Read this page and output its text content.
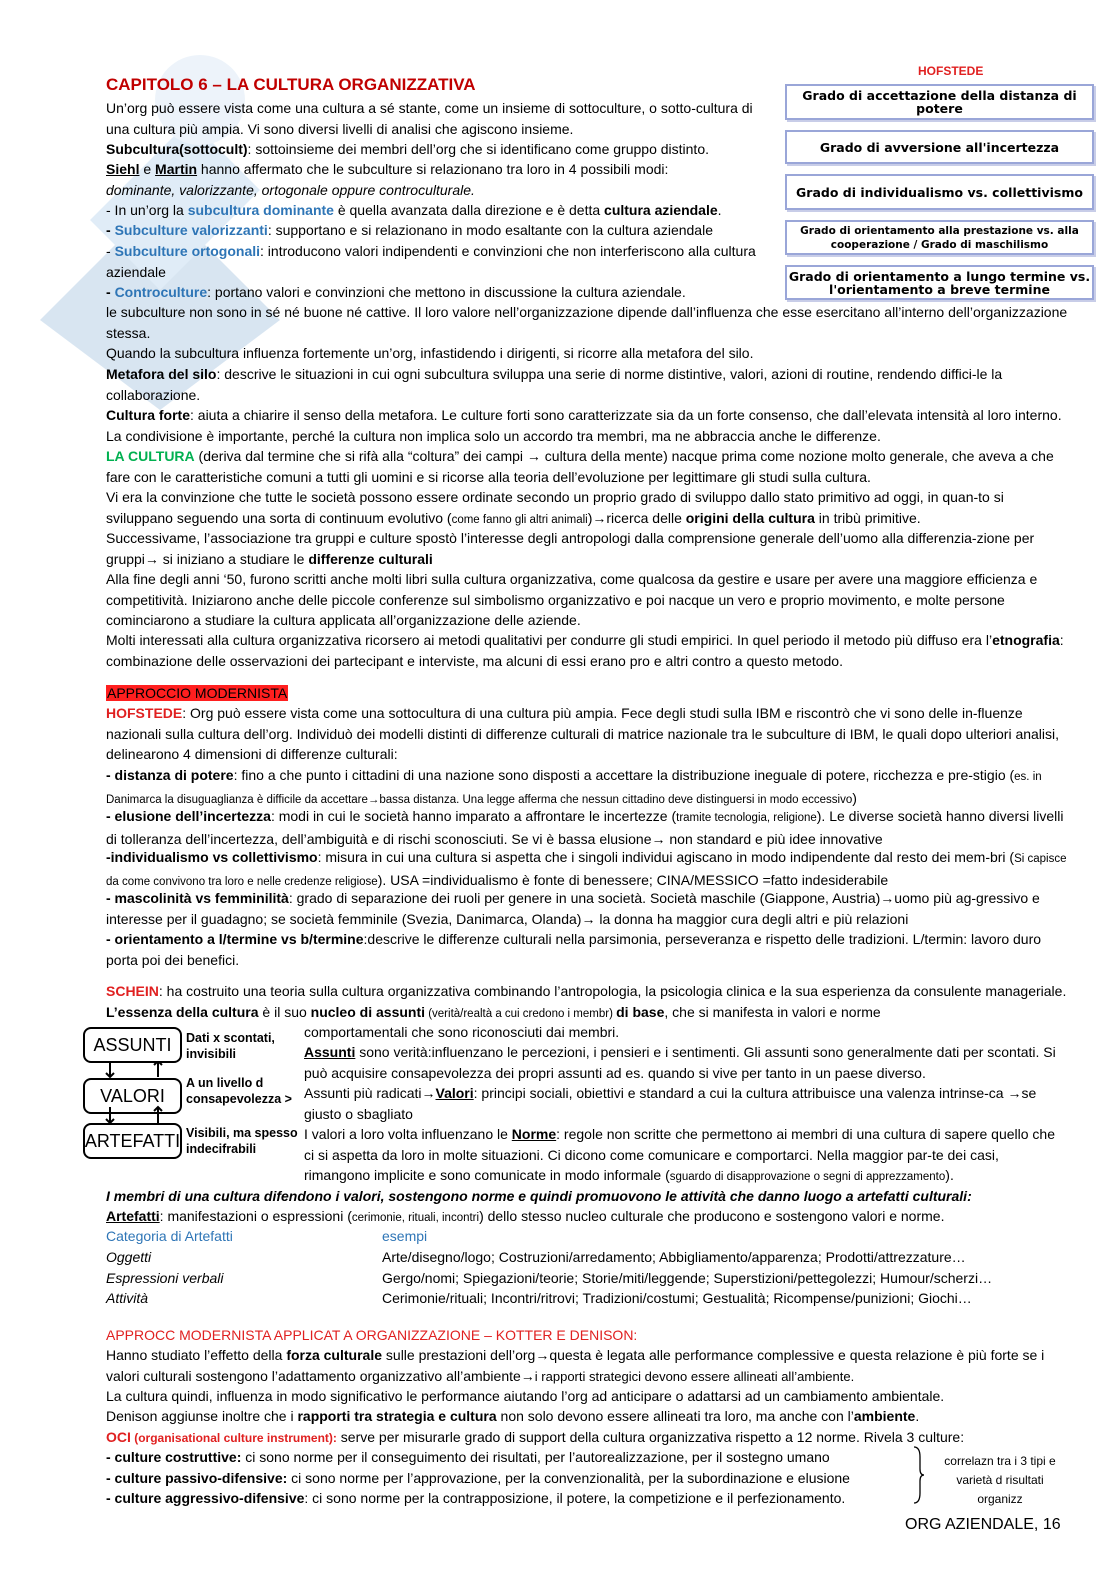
CAPITOLO 6 – LA CULTURA ORGANIZZATIVA
HOFSTEDE
Grado di accettazione della distanza di potere
Grado di avversione all'incertezza
Grado di individualismo vs. collettivismo
Grado di orientamento alla prestazione vs. alla cooperazione / Grado di maschilismo
Grado di orientamento a lungo termine vs. l'orientamento a breve termine

Un’org può essere vista come una cultura a sé stante, come un insieme di sottoculture, o sotto-cultura di una cultura più ampia. Vi sono diversi livelli di analisi che agiscono insieme.

Subcultura(sottocult): sottoinsieme dei membri dell’org che si identificano come gruppo distinto.

Siehl e Martin hanno affermato che le subculture si relazionano tra loro in 4 possibili modi:

dominante, valorizzante, ortogonale oppure controculturale.

- In un’org la subcultura dominante è quella avanzata dalla direzione e è detta cultura aziendale.

- Subculture valorizzanti: supportano e si relazionano in modo esaltante con la cultura aziendale

- Subculture ortogonali: introducono valori indipendenti e convinzioni che non interferiscono alla cultura aziendale

- Controculture: portano valori e convinzioni che mettono in discussione la cultura aziendale.

le subculture non sono in sé né buone né cattive. Il loro valore nell’organizzazione dipende dall’influenza che esse esercitano all’interno dell’organizzazione stessa.

Quando la subcultura influenza fortemente un’org, infastidendo i dirigenti, si ricorre alla metafora del silo.

Metafora del silo: descrive le situazioni in cui ogni subcultura sviluppa una serie di norme distintive, valori, azioni di routine, rendendo diffici-le la collaborazione.

Cultura forte: aiuta a chiarire il senso della metafora. Le culture forti sono caratterizzate sia da un forte consenso, che dall’elevata intensità al loro interno. La condivisione è importante, perché la cultura non implica solo un accordo tra membri, ma ne abbraccia anche le differenze.

LA CULTURA (deriva dal termine che si rifà alla “coltura” dei campi → cultura della mente) nacque prima come nozione molto generale, che aveva a che fare con le caratteristiche comuni a tutti gli uomini e si ricorse alla teoria dell’evoluzione per legittimare gli studi sulla cultura.

Vi era la convinzione che tutte le società possono essere ordinate secondo un proprio grado di sviluppo dallo stato primitivo ad oggi, in quan-to si sviluppano seguendo una sorta di continuum evolutivo (come fanno gli altri animali)→ricerca delle origini della cultura in tribù primitive.

Successivame, l’associazione tra gruppi e culture spostò l’interesse degli antropologi dalla comprensione generale dell’uomo alla differenzia-zione per gruppi→ si iniziano a studiare le differenze culturali

Alla fine degli anni ‘50, furono scritti anche molti libri sulla cultura organizzativa, come qualcosa da gestire e usare per avere una maggiore efficienza e competitività. Iniziarono anche delle piccole conferenze sul simbolismo organizzativo e poi nacque un vero e proprio movimento, e molte persone cominciarono a studiare la cultura applicata all’organizzazione delle aziende.

Molti interessati alla cultura organizzativa ricorsero ai metodi qualitativi per condurre gli studi empirici. In quel periodo il metodo più diffuso era l’etnografia: combinazione delle osservazioni dei partecipant e interviste, ma alcuni di essi erano pro e altri contro a questo metodo.

APPROCCIO MODERNISTA

HOFSTEDE: Org può essere vista come una sottocultura di una cultura più ampia. Fece degli studi sulla IBM e riscontrò che vi sono delle in-fluenze nazionali sulla cultura dell’org. Individuò dei modelli distinti di differenze culturali di matrice nazionale tra le subculture di IBM, le quali dopo ulteriori analisi, delinearono 4 dimensioni di differenze culturali:

- distanza di potere: fino a che punto i cittadini di una nazione sono disposti a accettare la distribuzione ineguale di potere, ricchezza e pre-stigio (es. in Danimarca la disuguaglianza è difficile da accettare→bassa distanza. Una legge afferma che nessun cittadino deve distinguersi in modo eccessivo)

- elusione dell’incertezza: modi in cui le società hanno imparato a affrontare le incertezze (tramite tecnologia, religione). Le diverse società hanno diversi livelli di tolleranza dell’incertezza, dell’ambiguità e di rischi sconosciuti. Se vi è bassa elusione→ non standard e più idee innovative

-individualismo vs collettivismo: misura in cui una cultura si aspetta che i singoli individui agiscano in modo indipendente dal resto dei mem-bri (Si capisce da come convivono tra loro e nelle credenze religiose). USA =individualismo è fonte di benessere; CINA/MESSICO =fatto indesiderabile

- mascolinità vs femminilità: grado di separazione dei ruoli per genere in una società. Società maschile (Giappone, Austria)→uomo più ag-gressivo e interesse per il guadagno; se società femminile (Svezia, Danimarca, Olanda)→ la donna ha maggior cura degli altri e più relazioni

- orientamento a l/termine vs b/termine:descrive le differenze culturali nella parsimonia, perseveranza e rispetto delle tradizioni. L/termin: lavoro duro porta poi dei benefici.

SCHEIN: ha costruito una teoria sulla cultura organizzativa combinando l’antropologia, la psicologia clinica e la sua esperienza da consulente manageriale. L’essenza della cultura è il suo nucleo di assunti (verità/realtà a cui credono i membr) di base, che si manifesta in valori e norme

ASSUNTI
VALORI
ARTEFATTI
Dati x scontati, invisibili
A un livello d consapevolezza >
Visibili, ma spesso indecifrabili

comportamentali che sono riconosciuti dai membri.

Assunti sono verità:influenzano le percezioni, i pensieri e i sentimenti. Gli assunti sono generalmente dati per scontati. Si può acquisire consapevolezza dei propri assunti ad es. quando si vive per tanto in un paese diverso.

Assunti più radicati→Valori: principi sociali, obiettivi e standard a cui la cultura attribuisce una valenza intrinse-ca →se giusto o sbagliato

I valori a loro volta influenzano le Norme: regole non scritte che permettono ai membri di una cultura di sapere quello che ci si aspetta da loro in molte situazioni. Ci dicono come comunicare e comportarci. Nella maggior par-te dei casi, rimangono implicite e sono comunicate in modo informale (sguardo di disapprovazione o segni di apprezzamento).

I membri di una cultura difendono i valori, sostengono norme e quindi promuovono le attività che danno luogo a artefatti culturali:

Artefatti: manifestazioni o espressioni (cerimonie, rituali, incontri) dello stesso nucleo culturale che producono e sostengono valori e norme.

Categoria di Artefatti	esempi
Oggetti	Arte/disegno/logo; Costruzioni/arredamento; Abbigliamento/apparenza; Prodotti/attrezzature…
Espressioni verbali	Gergo/nomi; Spiegazioni/teorie; Storie/miti/leggende; Superstizioni/pettegolezzi; Humour/scherzi…
Attività	Cerimonie/rituali; Incontri/ritrovi; Tradizioni/costumi; Gestualità; Ricompense/punizioni; Giochi…

APPROCC MODERNISTA APPLICAT A ORGANIZZAZIONE – KOTTER E DENISON:

Hanno studiato l’effetto della forza culturale sulle prestazioni dell’org→questa è legata alle performance complessive e questa relazione è più forte se i valori culturali sostengono l’adattamento organizzativo all’ambiente→i rapporti strategici devono essere allineati all’ambiente.

La cultura quindi, influenza in modo significativo le performance aiutando l’org ad anticipare o adattarsi ad un cambiamento ambientale.

Denison aggiunse inoltre che i rapporti tra strategia e cultura non solo devono essere allineati tra loro, ma anche con l’ambiente.

OCI (organisational culture instrument): serve per misurarle grado di support della cultura organizzativa rispetto a 12 norme. Rivela 3 culture:

- culture costruttive: ci sono norme per il conseguimento dei risultati, per l’autorealizzazione, per il sostegno umano

- culture passivo-difensive: ci sono norme per l’approvazione, per la convenzionalità, per la subordinazione e elusione

- culture aggressivo-difensive: ci sono norme per la contrapposizione, il potere, la competizione e il perfezionamento.

correlazn tra i 3 tipi e varietà d risultati organizz
ORG AZIENDALE, 16
